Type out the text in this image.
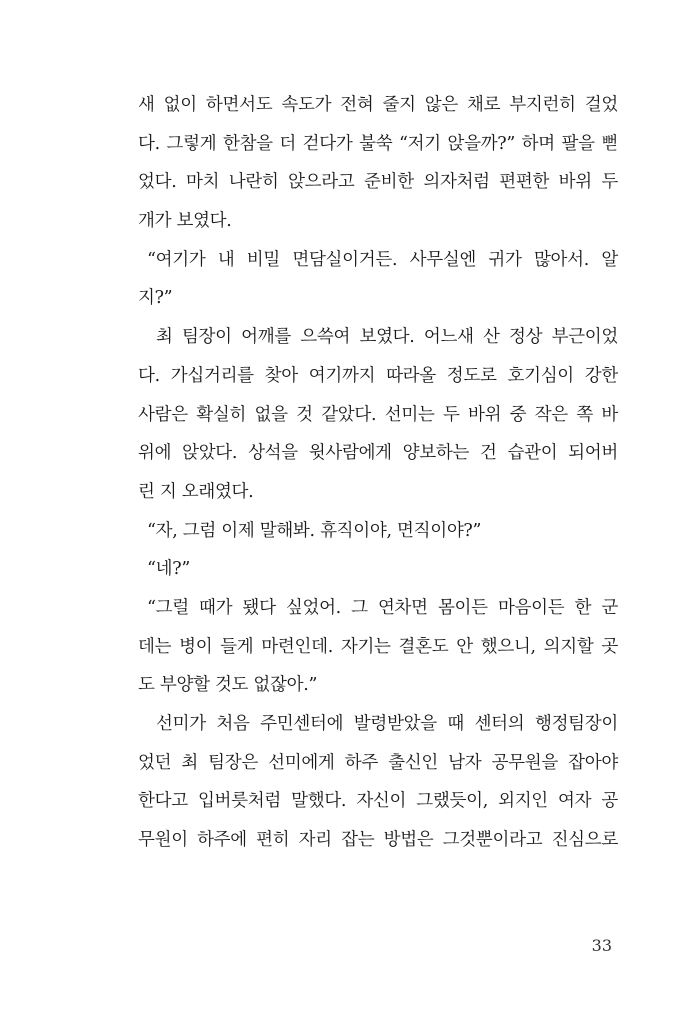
새 없이 하면서도 속도가 전혀 줄지 않은 채로 부지런히 걸었
다. 그렇게 한참을 더 걷다가 불쑥 “저기 앉을까?” 하며 팔을 뻗
었다. 마치 나란히 앉으라고 준비한 의자처럼 편편한 바위 두
개가 보였다.
“여기가 내 비밀 면담실이거든. 사무실엔 귀가 많아서. 알
지?”
최 팀장이 어깨를 으쓱여 보였다. 어느새 산 정상 부근이었
다. 가십거리를 찾아 여기까지 따라올 정도로 호기심이 강한
사람은 확실히 없을 것 같았다. 선미는 두 바위 중 작은 쪽 바
위에 앉았다. 상석을 윗사람에게 양보하는 건 습관이 되어버
린 지 오래였다.
“자, 그럼 이제 말해봐. 휴직이야, 면직이야?”
“네?”
“그럴 때가 됐다 싶었어. 그 연차면 몸이든 마음이든 한 군
데는 병이 들게 마련인데. 자기는 결혼도 안 했으니, 의지할 곳
도 부양할 것도 없잖아.”
선미가 처음 주민센터에 발령받았을 때 센터의 행정팀장이
었던 최 팀장은 선미에게 하주 출신인 남자 공무원을 잡아야
한다고 입버릇처럼 말했다. 자신이 그랬듯이, 외지인 여자 공
무원이 하주에 편히 자리 잡는 방법은 그것뿐이라고 진심으로
33
